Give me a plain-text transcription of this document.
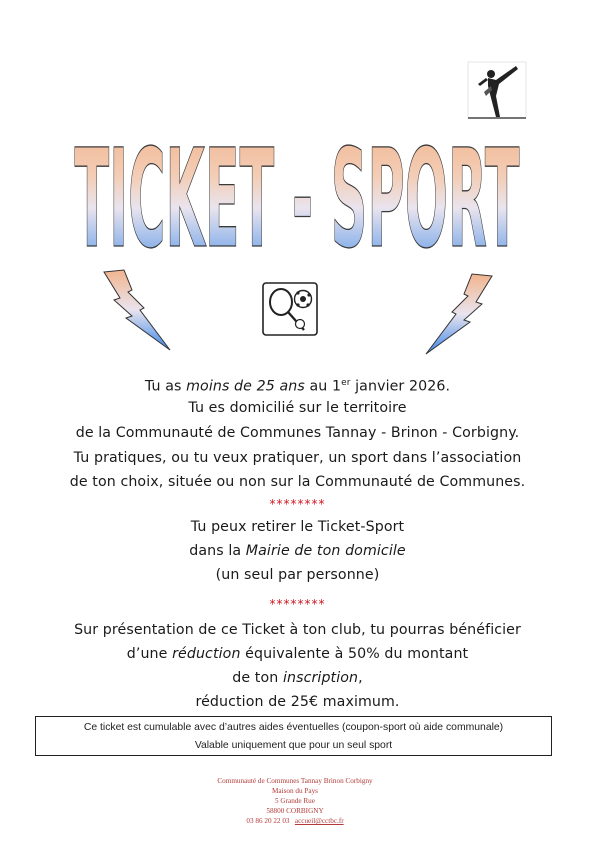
TICKET - SPORT
Tu as moins de 25 ans au 1er janvier 2026.
Tu es domicilié sur le territoire
de la Communauté de Communes Tannay - Brinon - Corbigny.
Tu pratiques, ou tu veux pratiquer, un sport dans l’association
de ton choix, située ou non sur la Communauté de Communes.
********
Tu peux retirer le Ticket-Sport
dans la Mairie de ton domicile
(un seul par personne)
********
Sur présentation de ce Ticket à ton club, tu pourras bénéficier
d’une réduction équivalente à 50% du montant
de ton inscription,
réduction de 25€ maximum.
Ce ticket est cumulable avec d’autres aides éventuelles (coupon-sport où aide communale)
Valable uniquement que pour un seul sport
Communauté de Communes Tannay Brinon Corbigny
Maison du Pays
5 Grande Rue
58800 CORBIGNY
03 86 20 22 03 accueil@cctbc.fr
